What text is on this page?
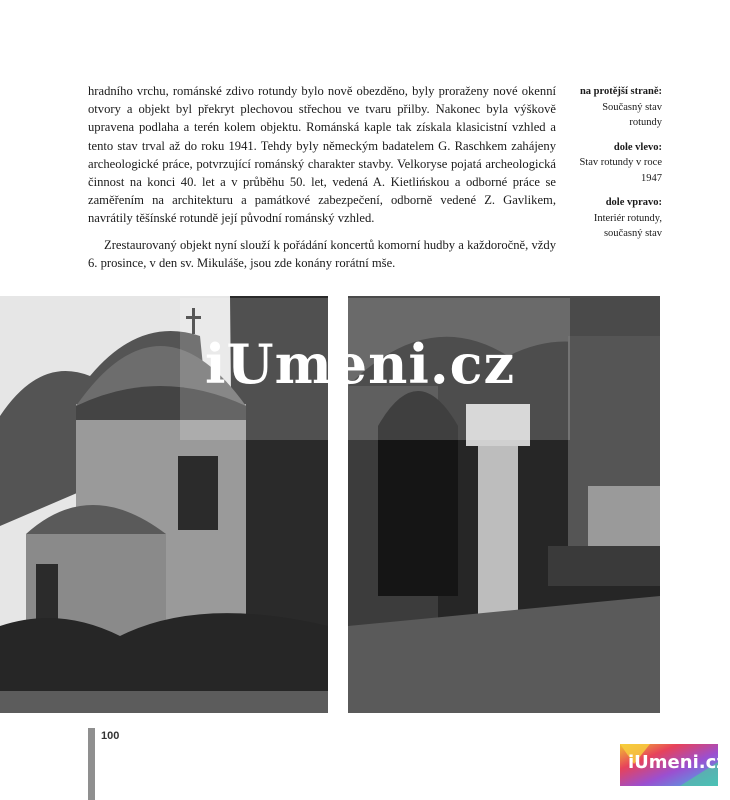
hradního vrchu, románské zdivo rotundy bylo nově obezděno, byly proraženy nové okenní otvory a objekt byl překryt plechovou střechou ve tvaru přilby. Nakonec byla výškově upravena podlaha a terén kolem objektu. Románská kaple tak získala klasicistní vzhled a tento stav trval až do roku 1941. Tehdy byly německým badatelem G. Raschkem zahájeny archeologické práce, potvrzující románský charakter stavby. Velkoryse pojatá archeologická činnost na konci 40. let a v průběhu 50. let, vedená A. Kietlińskou a odborné práce se zaměřením na architekturu a památkové zabezpečení, odborně vedené Z. Gavlikem, navrátily těšínské rotundě její původní románský vzhled.

Zrestaurovaný objekt nyní slouží k pořádání koncertů komorní hudby a každoročně, vždy 6. prosince, v den sv. Mikuláše, jsou zde konány rorátní mše.

na protější straně:
Současný stav rotundy
dole vlevo:
Stav rotundy v roce 1947
dole vpravo:
Interiér rotundy, současný stav
iUmeni.cz
100
iUmeni.cz
